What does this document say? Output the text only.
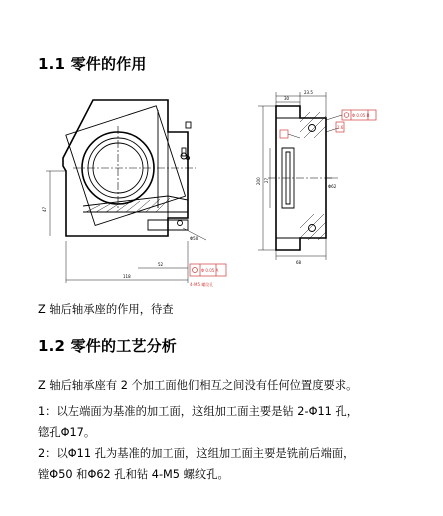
1.1 零件的作用
118
52
47
Φ50
Φ 0.05 A
4-M5 螺纹孔
23.5
30
200 27
68
1.6
Φ 0.05 B
Φ62
Z 轴后轴承座的作用，待查
1.2 零件的工艺分析
Z 轴后轴承座有 2 个加工面他们相互之间没有任何位置度要求。
1：以左端面为基准的加工面，这组加工面主要是钻 2-Φ11 孔，
锪孔Φ17。
2：以Φ11 孔为基准的加工面，这组加工面主要是铣前后端面，
镗Φ50 和Φ62 孔和钻 4-M5 螺纹孔。
